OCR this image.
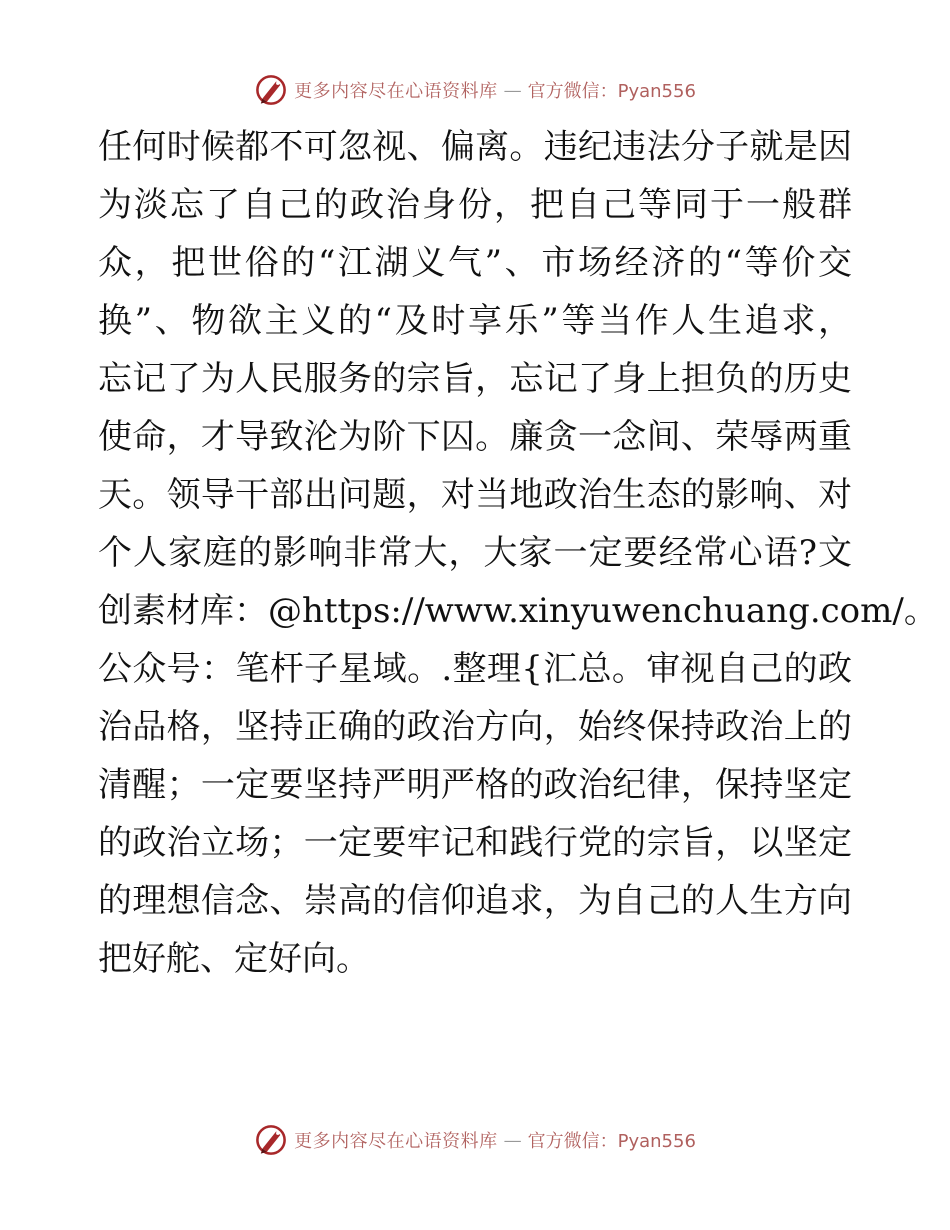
更多内容尽在心语资料库 — 官方微信：Pyan556
任何时候都不可忽视、偏离。违纪违法分子就是因
为淡忘了自己的政治身份，把自己等同于一般群
众，把世俗的“江湖义气”、市场经济的“等价交
换”、物欲主义的“及时享乐”等当作人生追求，
忘记了为人民服务的宗旨，忘记了身上担负的历史
使命，才导致沦为阶下囚。廉贪一念间、荣辱两重
天。领导干部出问题，对当地政治生态的影响、对
个人家庭的影响非常大，大家一定要经常心语?文
创素材库：@https://www.xinyuwenchuang.com/。
公众号：笔杆子星域。.整理{汇总。审视自己的政
治品格，坚持正确的政治方向，始终保持政治上的
清醒；一定要坚持严明严格的政治纪律，保持坚定
的政治立场；一定要牢记和践行党的宗旨，以坚定
的理想信念、崇高的信仰追求，为自己的人生方向
把好舵、定好向。
更多内容尽在心语资料库 — 官方微信：Pyan556
